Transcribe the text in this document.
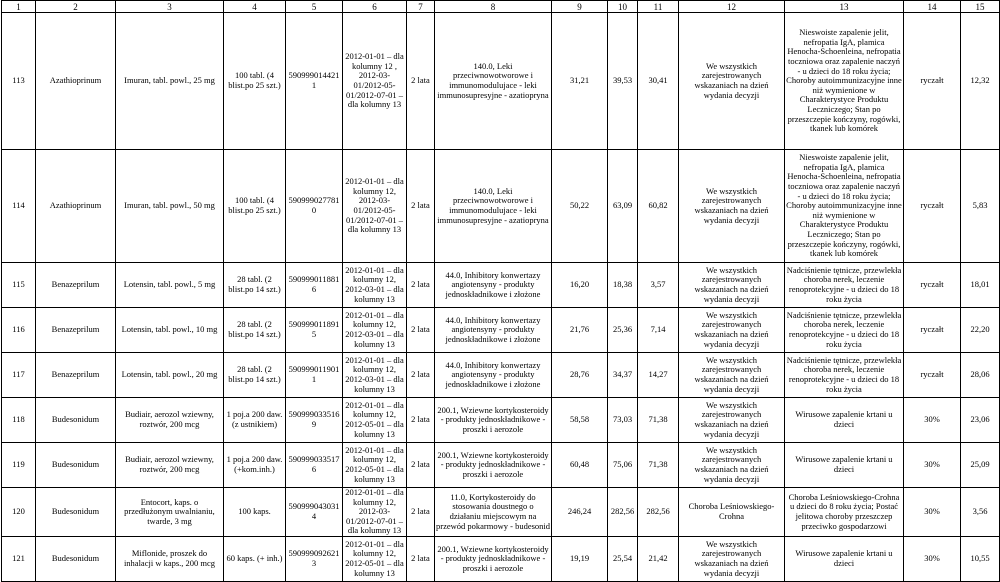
1	2	3	4	5	6	7	8	9	10	11	12	13	14	15
113	Azathioprinum	Imuran, tabl. powl., 25 mg	100 tabl. (4 blist.po 25 szt.)	5909990144211	2012-01-01 – dla kolumny 12 , 2012-03-01/2012-05-01/2012-07-01 – dla kolumny 13	2 lata	140.0, Leki przeciwnowotworowe i immunomodulujace - leki immunosupresyjne - azatiopryna	31,21	39,53	30,41	We wszystkich zarejestrowanych wskazaniach na dzień wydania decyzji	Nieswoiste zapalenie jelit, nefropatia IgA, plamica Henocha-Schoenleina, nefropatia toczniowa oraz zapalenie naczyń - u dzieci do 18 roku życia; Choroby autoimmunizacyjne inne niż wymienione w Charakterystyce Produktu Leczniczego; Stan po przeszczepie kończyny, rogówki, tkanek lub komórek	ryczałt	12,32
114	Azathioprinum	Imuran, tabl. powl., 50 mg	100 tabl. (4 blist.po 25 szt.)	5909990277810	2012-01-01 – dla kolumny 12, 2012-03-01/2012-05-01/2012-07-01 – dla kolumny 13	2 lata	140.0, Leki przeciwnowotworowe i immunomodulujace - leki immunosupresyjne - azatiopryna	50,22	63,09	60,82	We wszystkich zarejestrowanych wskazaniach na dzień wydania decyzji	Nieswoiste zapalenie jelit, nefropatia IgA, plamica Henocha-Schoenleina, nefropatia toczniowa oraz zapalenie naczyń - u dzieci do 18 roku życia; Choroby autoimmunizacyjne inne niż wymienione w Charakterystyce Produktu Leczniczego; Stan po przeszczepie kończyny, rogówki, tkanek lub komórek	ryczałt	5,83
115	Benazeprilum	Lotensin, tabl. powl., 5 mg	28 tabl. (2 blist.po 14 szt.)	5909990118816	2012-01-01 – dla kolumny 12, 2012-03-01 – dla kolumny 13	2 lata	44.0, Inhibitory konwertazy angiotensyny - produkty jednoskładnikowe i złożone	16,20	18,38	3,57	We wszystkich zarejestrowanych wskazaniach na dzień wydania decyzji	Nadciśnienie tętnicze, przewlekła choroba nerek, leczenie renoprotekcyjne - u dzieci do 18 roku życia	ryczałt	18,01
116	Benazeprilum	Lotensin, tabl. powl., 10 mg	28 tabl. (2 blist.po 14 szt.)	5909990118915	2012-01-01 – dla kolumny 12, 2012-03-01 – dla kolumny 13	2 lata	44.0, Inhibitory konwertazy angiotensyny - produkty jednoskładnikowe i złożone	21,76	25,36	7,14	We wszystkich zarejestrowanych wskazaniach na dzień wydania decyzji	Nadciśnienie tętnicze, przewlekła choroba nerek, leczenie renoprotekcyjne - u dzieci do 18 roku życia	ryczałt	22,20
117	Benazeprilum	Lotensin, tabl. powl., 20 mg	28 tabl. (2 blist.po 14 szt.)	5909990119011	2012-01-01 – dla kolumny 12, 2012-03-01 – dla kolumny 13	2 lata	44.0, Inhibitory konwertazy angiotensyny - produkty jednoskładnikowe i złożone	28,76	34,37	14,27	We wszystkich zarejestrowanych wskazaniach na dzień wydania decyzji	Nadciśnienie tętnicze, przewlekła choroba nerek, leczenie renoprotekcyjne - u dzieci do 18 roku życia	ryczałt	28,06
118	Budesonidum	Budiair, aerozol wziewny, roztwór, 200 mcg	1 poj.a 200 daw. (z ustnikiem)	5909990335169	2012-01-01 – dla kolumny 12, 2012-05-01 – dla kolumny 13	2 lata	200.1, Wziewne kortykosteroidy - produkty jednoskładnikowe - proszki i aerozole	58,58	73,03	71,38	We wszystkich zarejestrowanych wskazaniach na dzień wydania decyzji	Wirusowe zapalenie krtani u dzieci	30%	23,06
119	Budesonidum	Budiair, aerozol wziewny, roztwór, 200 mcg	1 poj.a 200 daw. (+kom.inh.)	5909990335176	2012-01-01 – dla kolumny 12, 2012-05-01 – dla kolumny 13	2 lata	200.1, Wziewne kortykosteroidy - produkty jednoskładnikowe - proszki i aerozole	60,48	75,06	71,38	We wszystkich zarejestrowanych wskazaniach na dzień wydania decyzji	Wirusowe zapalenie krtani u dzieci	30%	25,09
120	Budesonidum	Entocort, kaps. o przedłużonym uwalnianiu, twarde, 3 mg	100 kaps.	5909990430314	2012-01-01 – dla kolumny 12, 2012-03-01/2012-07-01 – dla kolumny 13	2 lata	11.0, Kortykosteroidy do stosowania doustnego o działaniu miejscowym na przewód pokarmowy - budesonid	246,24	282,56	282,56	Choroba Leśniowskiego-Crohna	Choroba Leśniowskiego-Crohna u dzieci do 8 roku życia; Postać jelitowa choroby przeszczep przeciwko gospodarzowi	30%	3,56
121	Budesonidum	Miflonide, proszek do inhalacji w kaps., 200 mcg	60 kaps. (+ inh.)	5909990926213	2012-01-01 – dla kolumny 12, 2012-05-01 – dla kolumny 13	2 lata	200.1, Wziewne kortykosteroidy - produkty jednoskładnikowe - proszki i aerozole	19,19	25,54	21,42	We wszystkich zarejestrowanych wskazaniach na dzień wydania decyzji	Wirusowe zapalenie krtani u dzieci	30%	10,55
